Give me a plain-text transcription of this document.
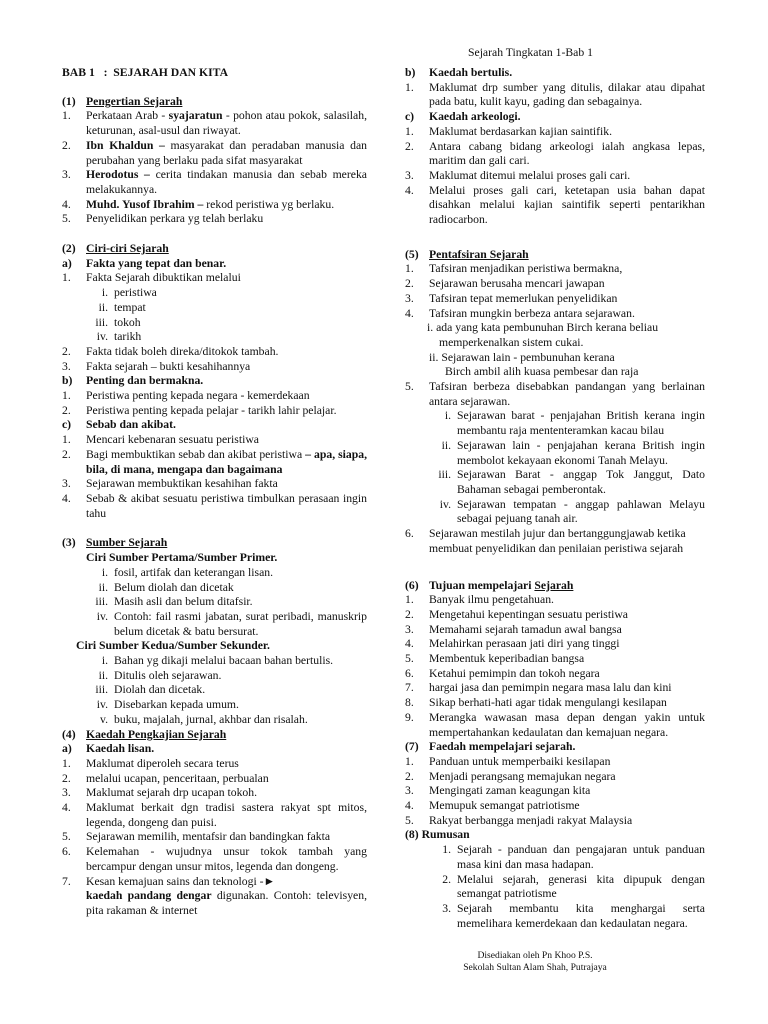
Sejarah Tingkatan 1-Bab 1
BAB 1   :  SEJARAH DAN KITA
(1) Pengertian Sejarah
1.	Perkataan Arab - syajaratun - pohon atau pokok, salasilah, keturunan, asal-usul dan riwayat.
2.	Ibn Khaldun – masyarakat dan peradaban manusia dan perubahan yang berlaku pada sifat masyarakat
3.	Herodotus – cerita tindakan manusia dan sebab mereka melakukannya.
4.	Muhd. Yusof Ibrahim – rekod peristiwa yg berlaku.
5.	Penyelidikan perkara yg telah berlaku
(2) Ciri-ciri Sejarah
a)	Fakta yang tepat dan benar.
1.	Fakta Sejarah dibuktikan melalui
i. peristiwa
ii. tempat
iii. tokoh
iv. tarikh
2.	Fakta tidak boleh direka/ditokok tambah.
3.	Fakta sejarah – bukti kesahihannya
b)	Penting dan bermakna.
1.	Peristiwa penting kepada negara - kemerdekaan
2.	Peristiwa penting kepada pelajar - tarikh lahir pelajar.
c)	Sebab dan akibat.
1.	Mencari kebenaran sesuatu peristiwa
2.	Bagi membuktikan sebab dan akibat peristiwa – apa, siapa, bila, di mana, mengapa dan bagaimana
3.	Sejarawan membuktikan kesahihan fakta
4.	Sebab & akibat sesuatu peristiwa timbulkan perasaan ingin tahu
(3) Sumber Sejarah
Ciri Sumber Pertama/Sumber Primer.
i. fosil, artifak dan keterangan lisan.
ii. Belum diolah dan dicetak
iii. Masih asli dan belum ditafsir.
iv. Contoh: fail rasmi jabatan, surat peribadi, manuskrip belum dicetak & batu bersurat.
Ciri Sumber Kedua/Sumber Sekunder.
i. Bahan yg dikaji melalui bacaan bahan bertulis.
ii. Ditulis oleh sejarawan.
iii. Diolah dan dicetak.
iv. Disebarkan kepada umum.
v. buku, majalah, jurnal, akhbar dan risalah.
(4) Kaedah Pengkajian Sejarah
a)	Kaedah lisan.
1.	Maklumat diperoleh secara terus
2.	melalui ucapan, penceritaan, perbualan
3.	Maklumat sejarah drp ucapan tokoh.
4.	Maklumat berkait dgn tradisi sastera rakyat spt mitos, legenda, dongeng dan puisi.
5.	Sejarawan memilih, mentafsir dan bandingkan fakta
6.	Kelemahan - wujudnya unsur tokok tambah yang bercampur dengan unsur mitos, legenda dan dongeng.
7.	Kesan kemajuan sains dan teknologi -►
kaedah pandang dengar digunakan. Contoh: televisyen, pita rakaman & internet
b)	Kaedah bertulis.
1.	Maklumat drp sumber yang ditulis, dilakar atau dipahat pada batu, kulit kayu, gading dan sebagainya.
c)	Kaedah arkeologi.
1.	Maklumat berdasarkan kajian saintifik.
2.	Antara cabang bidang arkeologi ialah angkasa lepas, maritim dan gali cari.
3.	Maklumat ditemui melalui proses gali cari.
4.	Melalui proses gali cari, ketetapan usia bahan dapat disahkan melalui kajian saintifik seperti pentarikhan radiocarbon.
(5) Pentafsiran Sejarah
1.	Tafsiran menjadikan peristiwa bermakna,
2.	Sejarawan berusaha mencari jawapan
3.	Tafsiran tepat memerlukan penyelidikan
4.	Tafsiran mungkin berbeza antara sejarawan.
i. ada yang kata pembunuhan Birch kerana beliau
memperkenalkan sistem cukai.
ii. Sejarawan lain - pembunuhan kerana
Birch ambil alih kuasa pembesar dan raja
5.	Tafsiran berbeza disebabkan pandangan yang berlainan antara sejarawan.
i. Sejarawan barat - penjajahan British kerana ingin membantu raja mententeramkan kacau bilau
ii. Sejarawan lain - penjajahan kerana British ingin membolot kekayaan ekonomi Tanah Melayu.
iii. Sejarawan Barat - anggap Tok Janggut, Dato Bahaman sebagai pemberontak.
iv. Sejarawan tempatan - anggap pahlawan Melayu sebagai pejuang tanah air.
6.	Sejarawan mestilah jujur dan bertanggungjawab ketika membuat penyelidikan dan penilaian peristiwa sejarah
(6) Tujuan mempelajari Sejarah
1.	Banyak ilmu pengetahuan.
2.	Mengetahui kepentingan sesuatu peristiwa
3.	Memahami sejarah tamadun awal bangsa
4.	Melahirkan perasaan jati diri yang tinggi
5.	Membentuk keperibadian bangsa
6.	Ketahui pemimpin dan tokoh negara
7.	hargai jasa dan pemimpin negara masa lalu dan kini
8.	Sikap berhati-hati agar tidak mengulangi kesilapan
9.	Merangka wawasan masa depan dengan yakin untuk mempertahankan kedaulatan dan kemajuan negara.
(7) Faedah mempelajari sejarah.
1.	Panduan untuk memperbaiki kesilapan
2.	Menjadi perangsang memajukan negara
3.	Mengingati zaman keagungan kita
4.	Memupuk semangat patriotisme
5.	Rakyat berbangga menjadi rakyat Malaysia
(8)
Rumusan
1. Sejarah - panduan dan pengajaran untuk panduan masa kini dan masa hadapan.
2. Melalui sejarah, generasi kita dipupuk dengan semangat patriotisme
3. Sejarah membantu kita menghargai serta memelihara kemerdekaan dan kedaulatan negara.
Disediakan oleh Pn Khoo P.S.
Sekolah Sultan Alam Shah, Putrajaya
